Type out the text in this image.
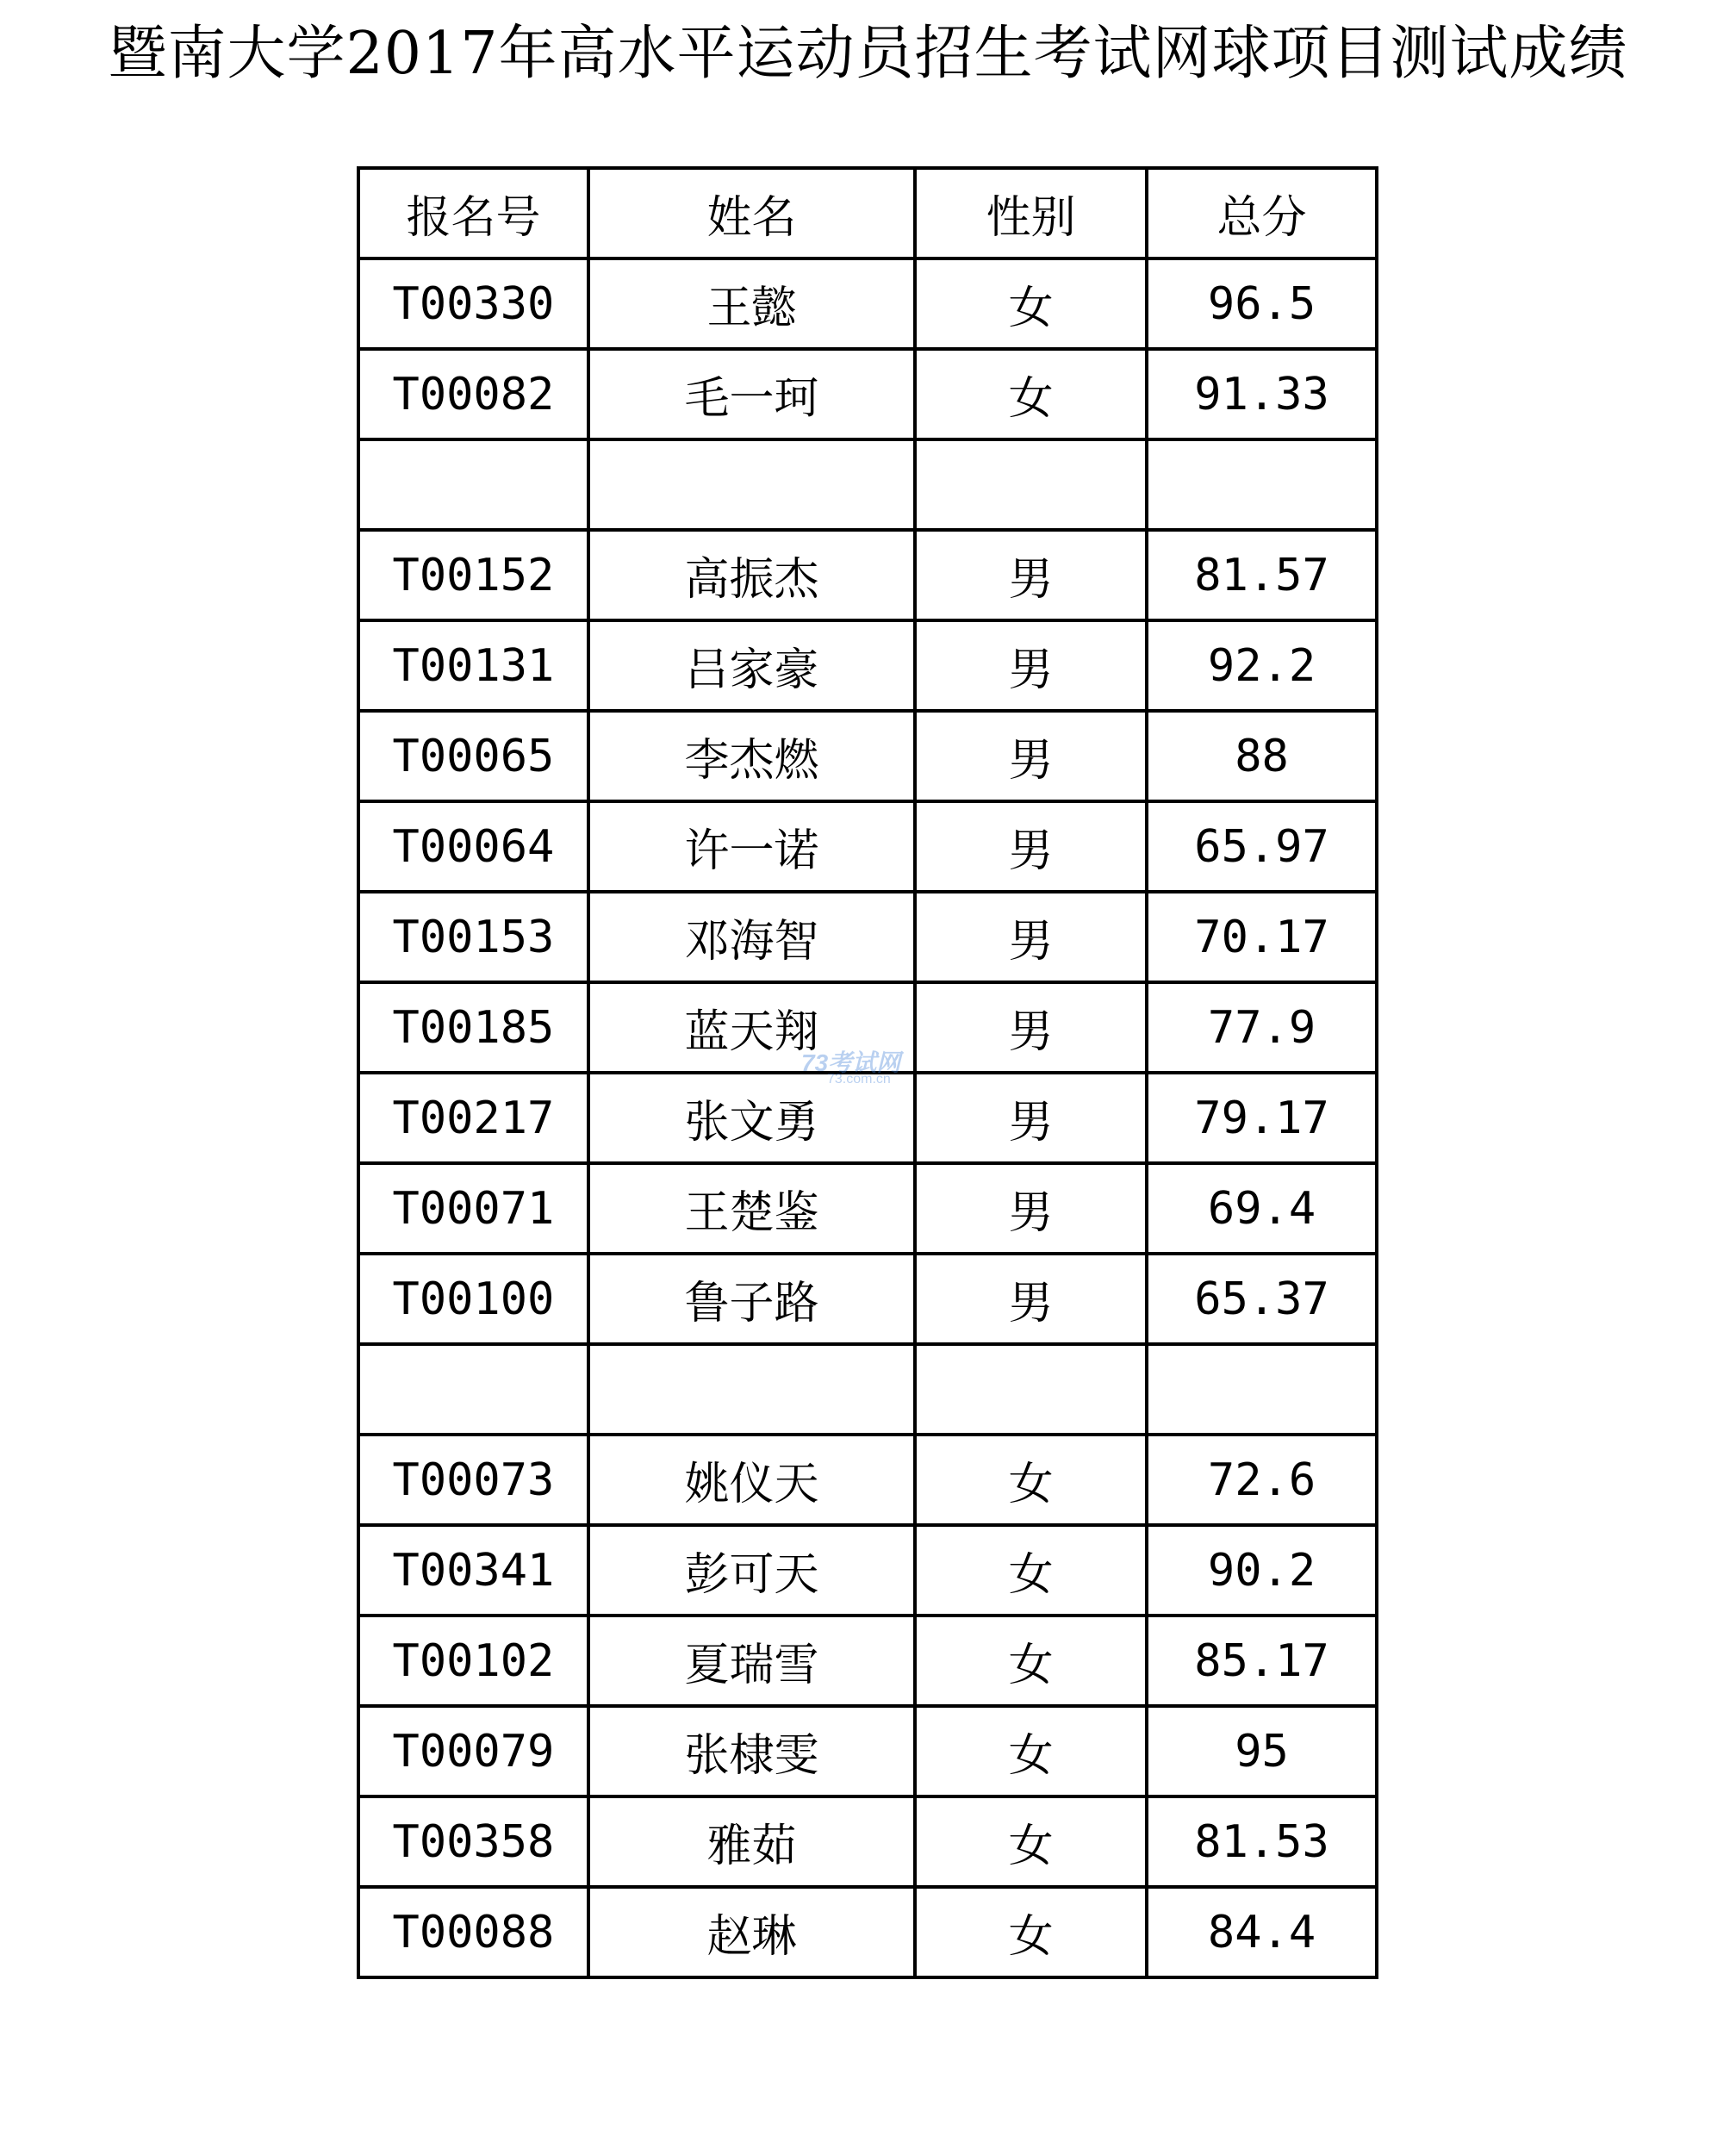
暨南大学2017年高水平运动员招生考试网球项目测试成绩
报名号	姓名	性别	总分
T00330	王懿	女	96.5
T00082	毛一珂	女	91.33

T00152	高振杰	男	81.57
T00131	吕家豪	男	92.2
T00065	李杰燃	男	88
T00064	许一诺	男	65.97
T00153	邓海智	男	70.17
T00185	蓝天翔	男	77.9
T00217	张文勇	男	79.17
T00071	王楚鉴	男	69.4
T00100	鲁子路	男	65.37

T00073	姚仪天	女	72.6
T00341	彭可天	女	90.2
T00102	夏瑞雪	女	85.17
T00079	张棣雯	女	95
T00358	雅茹	女	81.53
T00088	赵琳	女	84.4
73考试网
73.com.cn
